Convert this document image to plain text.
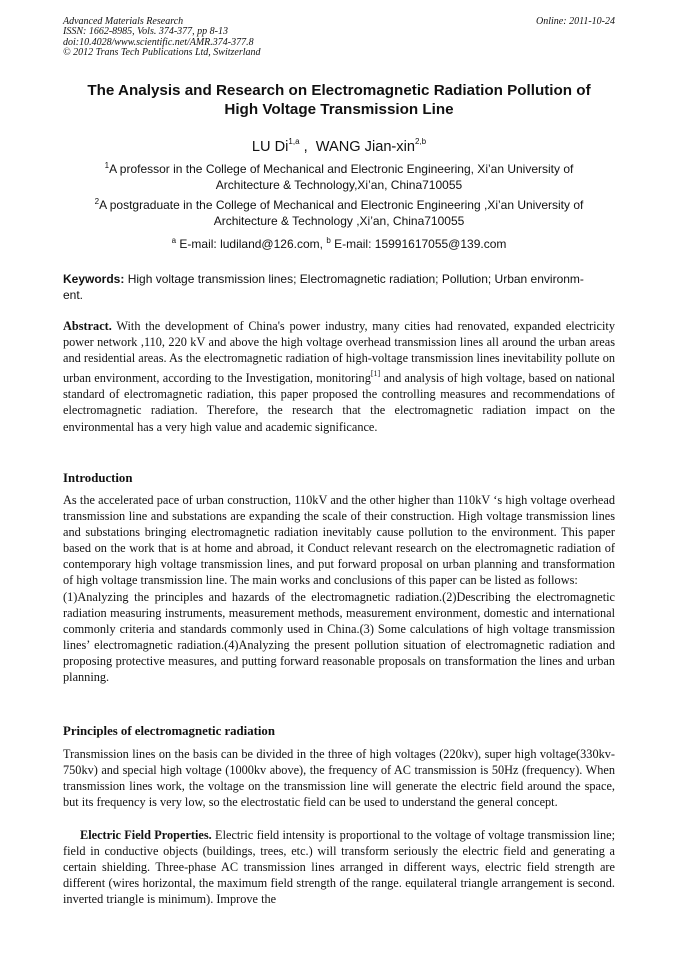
Advanced Materials Research
ISSN: 1662-8985, Vols. 374-377, pp 8-13
doi:10.4028/www.scientific.net/AMR.374-377.8
© 2012 Trans Tech Publications Ltd, Switzerland
Online: 2011-10-24
The Analysis and Research on Electromagnetic Radiation Pollution of
High Voltage Transmission Line
LU Di$^{1,a}$ ,  WANG Jian-xin$^{2,b}$
$^1$A professor in the College of Mechanical and Electronic Engineering, Xi’an University of
Architecture & Technology,Xi’an, China710055
$^2$A postgraduate in the College of Mechanical and Electronic Engineering ,Xi’an University of
Architecture & Technology ,Xi’an, China710055
$^a$ E-mail: ludiland@126.com, $^b$ E-mail: 15991617055@139.com
Keywords: High voltage transmission lines; Electromagnetic radiation; Pollution; Urban environm-
ent.
Abstract. With the development of China's power industry, many cities had renovated, expanded electricity power network ,110, 220 kV and above the high voltage overhead transmission lines all around the urban areas and residential areas. As the electromagnetic radiation of high-voltage transmission lines inevitability pollute on urban environment, according to the Investigation, monitoring[1] and analysis of high voltage, based on national standard of electromagnetic radiation, this paper proposed the controlling measures and recommendations of electromagnetic radiation. Therefore, the research that the electromagnetic radiation impact on the environmental has a very high value and academic significance.
Introduction

As the accelerated pace of urban construction, 110kV and the other higher than 110kV ‘s high voltage overhead transmission line and substations are expanding the scale of their construction. High voltage transmission lines and substations bringing electromagnetic radiation inevitably cause pollution to the environment. This paper based on the work that is at home and abroad, it Conduct relevant research on the electromagnetic radiation of contemporary high voltage transmission lines, and put forward proposal on urban planning and transformation of high voltage transmission line. The main works and conclusions of this paper can be listed as follows:

(1)Analyzing the principles and hazards of the electromagnetic radiation.(2)Describing the electromagnetic radiation measuring instruments, measurement methods, measurement environment, domestic and international commonly criteria and standards commonly used in China.(3) Some calculations of high voltage transmission lines’ electromagnetic radiation.(4)Analyzing the present pollution situation of electromagnetic radiation and proposing protective measures, and putting forward reasonable proposals on transformation the lines and urban planning.

Principles of electromagnetic radiation
Transmission lines on the basis can be divided in the three of high voltages (220kv), super high voltage(330kv-750kv) and special high voltage (1000kv above), the frequency of AC transmission is 50Hz (frequency). When transmission lines work, the voltage on the transmission line will generate the electric field around the space, but its frequency is very low, so the electrostatic field can be used to understand the general concept.
Electric Field Properties. Electric field intensity is proportional to the voltage of voltage transmission line; field in conductive objects (buildings, trees, etc.) will transform seriously the electric field and generating a certain shielding. Three-phase AC transmission lines arranged in different ways, electric field strength are different (wires horizontal, the maximum field strength of the range. equilateral triangle arrangement is second. inverted triangle is minimum). Improve the
